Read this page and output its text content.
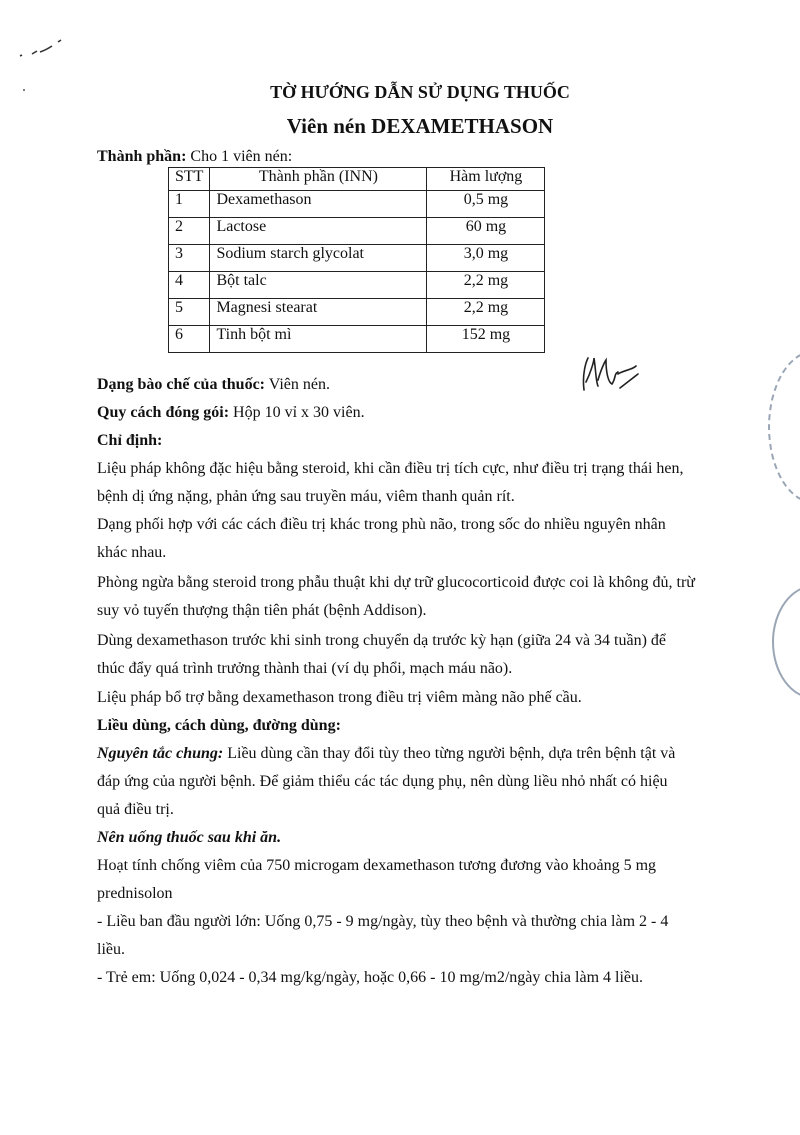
TỜ HƯỚNG DẪN SỬ DỤNG THUỐC
Viên nén DEXAMETHASON
Thành phần: Cho 1 viên nén:
STT	Thành phần (INN)	Hàm lượng
1	Dexamethason	0,5 mg
2	Lactose	60 mg
3	Sodium starch glycolat	3,0 mg
4	Bột talc	2,2 mg
5	Magnesi stearat	2,2 mg
6	Tinh bột mì	152 mg
Dạng bào chế của thuốc: Viên nén.
Quy cách đóng gói: Hộp 10 vỉ x 30 viên.
Chỉ định:
Liệu pháp không đặc hiệu bằng steroid, khi cần điều trị tích cực, như điều trị trạng thái hen,
bệnh dị ứng nặng, phản ứng sau truyền máu, viêm thanh quản rít.
Dạng phối hợp với các cách điều trị khác trong phù não, trong sốc do nhiều nguyên nhân
khác nhau.
Phòng ngừa bằng steroid trong phẫu thuật khi dự trữ glucocorticoid được coi là không đủ, trừ
suy vỏ tuyến thượng thận tiên phát (bệnh Addison).
Dùng dexamethason trước khi sinh trong chuyển dạ trước kỳ hạn (giữa 24 và 34 tuần) để
thúc đẩy quá trình trưởng thành thai (ví dụ phổi, mạch máu não).
Liệu pháp bổ trợ bằng dexamethason trong điều trị viêm màng não phế cầu.
Liều dùng, cách dùng, đường dùng:
Nguyên tắc chung: Liều dùng cần thay đổi tùy theo từng người bệnh, dựa trên bệnh tật và
đáp ứng của người bệnh. Để giảm thiểu các tác dụng phụ, nên dùng liều nhỏ nhất có hiệu
quả điều trị.
Nên uống thuốc sau khi ăn.
Hoạt tính chống viêm của 750 microgam dexamethason tương đương vào khoảng 5 mg
prednisolon
- Liều ban đầu người lớn: Uống 0,75 - 9 mg/ngày, tùy theo bệnh và thường chia làm 2 - 4
liều.
- Trẻ em: Uống 0,024 - 0,34 mg/kg/ngày, hoặc 0,66 - 10 mg/m2/ngày chia làm 4 liều.
